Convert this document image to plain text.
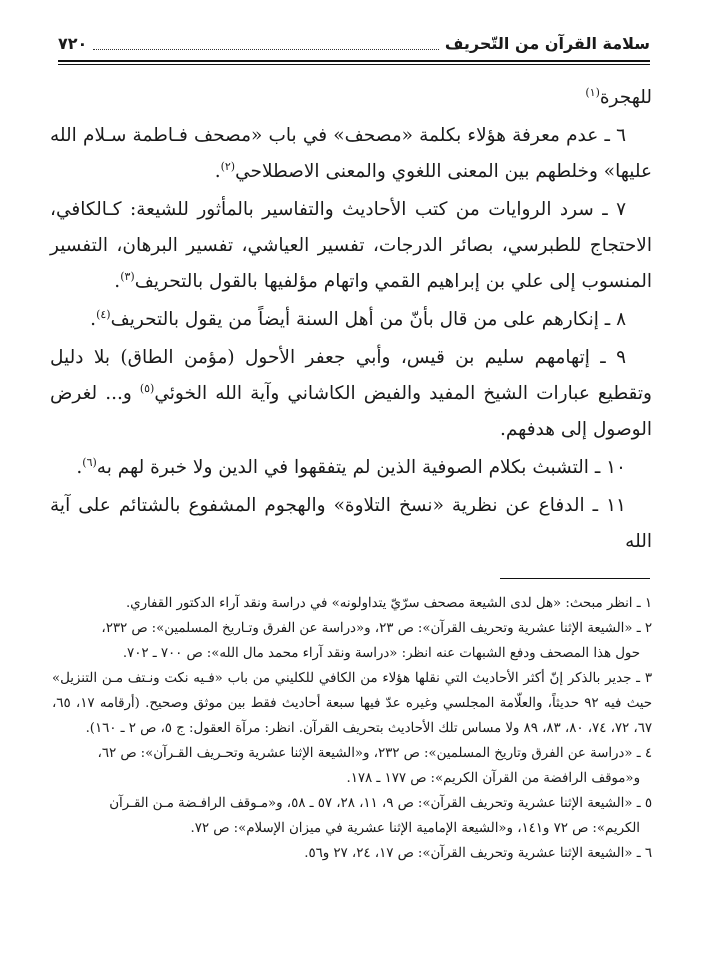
سلامة القرآن من التّحريف
٧٢٠

للهجرة$^{(١)}$

٦ ـ عدم معرفة هؤلاء بكلمة «مصحف» في باب «مصحف فـاطمة سـلام الله عليها» وخلطهم بين المعنى اللغوي والمعنى الاصطلاحي$^{(٢)}$.

٧ ـ سرد الروايات من كتب الأحاديث والتفاسير بالمأثور للشيعة: كـالكافي، الاحتجاج للطبرسي، بصائر الدرجات، تفسير العياشي، تفسير البرهان، التفسير المنسوب إلى علي بن إبراهيم القمي واتهام مؤلفيها بالقول بالتحريف$^{(٣)}$.

٨ ـ إنكارهم على من قال بأنّ من أهل السنة أيضاً من يقول بالتحريف$^{(٤)}$.

٩ ـ إتهامهم سليم بن قيس، وأبي جعفر الأحول (مؤمن الطاق) بلا دليل وتقطيع عبارات الشيخ المفيد والفيض الكاشاني وآية الله الخوئي$^{(٥)}$ و... لغرض الوصول إلى هدفهم.

١٠ ـ التشبث بكلام الصوفية الذين لم يتفقهوا في الدين ولا خبرة لهم به$^{(٦)}$.

١١ ـ الدفاع عن نظرية «نسخ التلاوة» والهجوم المشفوع بالشتائم على آية الله

١ ـ انظر مبحث: «هل لدى الشيعة مصحف سرّيّ يتداولونه» في دراسة ونقد آراء الدكتور القفاري.

٢ ـ «الشيعة الإثنا عشرية وتحريف القرآن»: ص ٢٣، و«دراسة عن الفرق وتـاريخ المسلمين»: ص ٢٣٢،
حول هذا المصحف ودفع الشبهات عنه انظر: «دراسة ونقد آراء محمد مال الله»: ص ٧٠٠ ـ ٧٠٢.

٣ ـ جدير بالذكر إنّ أكثر الأحاديث التي نقلها هؤلاء من الكافي للكليني من باب «فـيه نكت ونـتف مـن التنزيل» حيث فيه ٩٢ حديثاً، والعلّامة المجلسي وغيره عدّ فيها سبعة أحاديث فقط بين موثق وصحيح. (أرقامه ١٧، ٦٥، ٦٧، ٧٢، ٧٤، ٨٠، ٨٣، ٨٩ ولا مساس تلك الأحاديث بتحريف القرآن. انظر: مرآة العقول: ج ٥، ص ٢ ـ ١٦٠).

٤ ـ «دراسة عن الفرق وتاريخ المسلمين»: ص ٢٣٢، و«الشيعة الإثنا عشرية وتحـريف القـرآن»: ص ٦٢،
و«موقف الرافضة من القرآن الكريم»: ص ١٧٧ ـ ١٧٨.

٥ ـ «الشيعة الإثنا عشرية وتحريف القرآن»: ص ٩، ١١، ٢٨، ٥٧ ـ ٥٨، و«مـوقف الرافـضة مـن القـرآن
الكريم»: ص ٧٢ و١٤١، و«الشيعة الإمامية الإثنا عشرية في ميزان الإسلام»: ص ٧٢.

٦ ـ «الشيعة الإثنا عشرية وتحريف القرآن»: ص ١٧، ٢٤، ٢٧ و٥٦.
